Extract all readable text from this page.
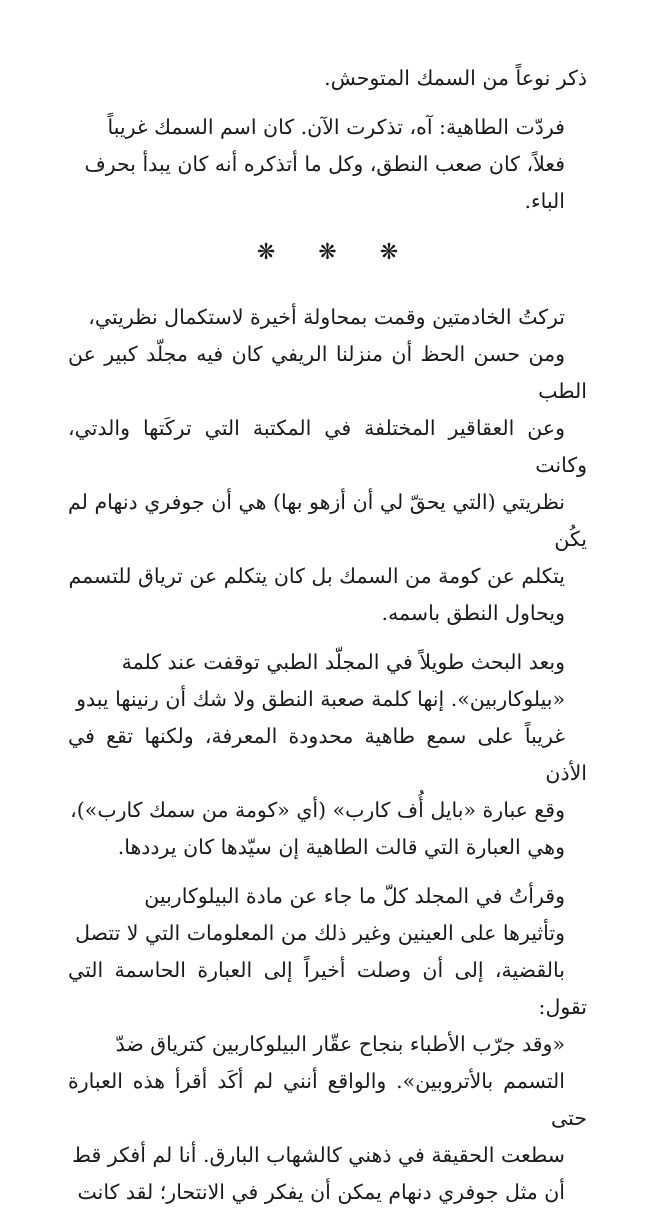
ذكر نوعاً من السمك المتوحش.

فردّت الطاهية: آه، تذكرت الآن. كان اسم السمك غريباً
فعلاً، كان صعب النطق، وكل ما أتذكره أنه كان يبدأ بحرف
الباء.

❋ ❋ ❋

تركتُ الخادمتين وقمت بمحاولة أخيرة لاستكمال نظريتي،
ومن حسن الحظ أن منزلنا الريفي كان فيه مجلّد كبير عن الطب
وعن العقاقير المختلفة في المكتبة التي تركَتها والدتي، وكانت
نظريتي (التي يحقّ لي أن أزهو بها) هي أن جوفري دنهام لم يكُن
يتكلم عن كومة من السمك بل كان يتكلم عن ترياق للتسمم
ويحاول النطق باسمه.

وبعد البحث طويلاً في المجلّد الطبي توقفت عند كلمة
«بيلوكاربين». إنها كلمة صعبة النطق ولا شك أن رنينها يبدو
غريباً على سمع طاهية محدودة المعرفة، ولكنها تقع في الأذن
وقع عبارة «بايل أُف كارب» (أي «كومة من سمك كارب»)،
وهي العبارة التي قالت الطاهية إن سيّدها كان يرددها.

وقرأتُ في المجلد كلّ ما جاء عن مادة البيلوكاربين
وتأثيرها على العينين وغير ذلك من المعلومات التي لا تتصل
بالقضية، إلى أن وصلت أخيراً إلى العبارة الحاسمة التي تقول:
«وقد جرّب الأطباء بنجاح عقّار البيلوكاربين كترياق ضدّ
التسمم بالأتروبين». والواقع أنني لم أكَد أقرأ هذه العبارة حتى
سطعت الحقيقة في ذهني كالشهاب البارق. أنا لم أفكر قط
أن مثل جوفري دنهام يمكن أن يفكر في الانتحار؛ لقد كانت
